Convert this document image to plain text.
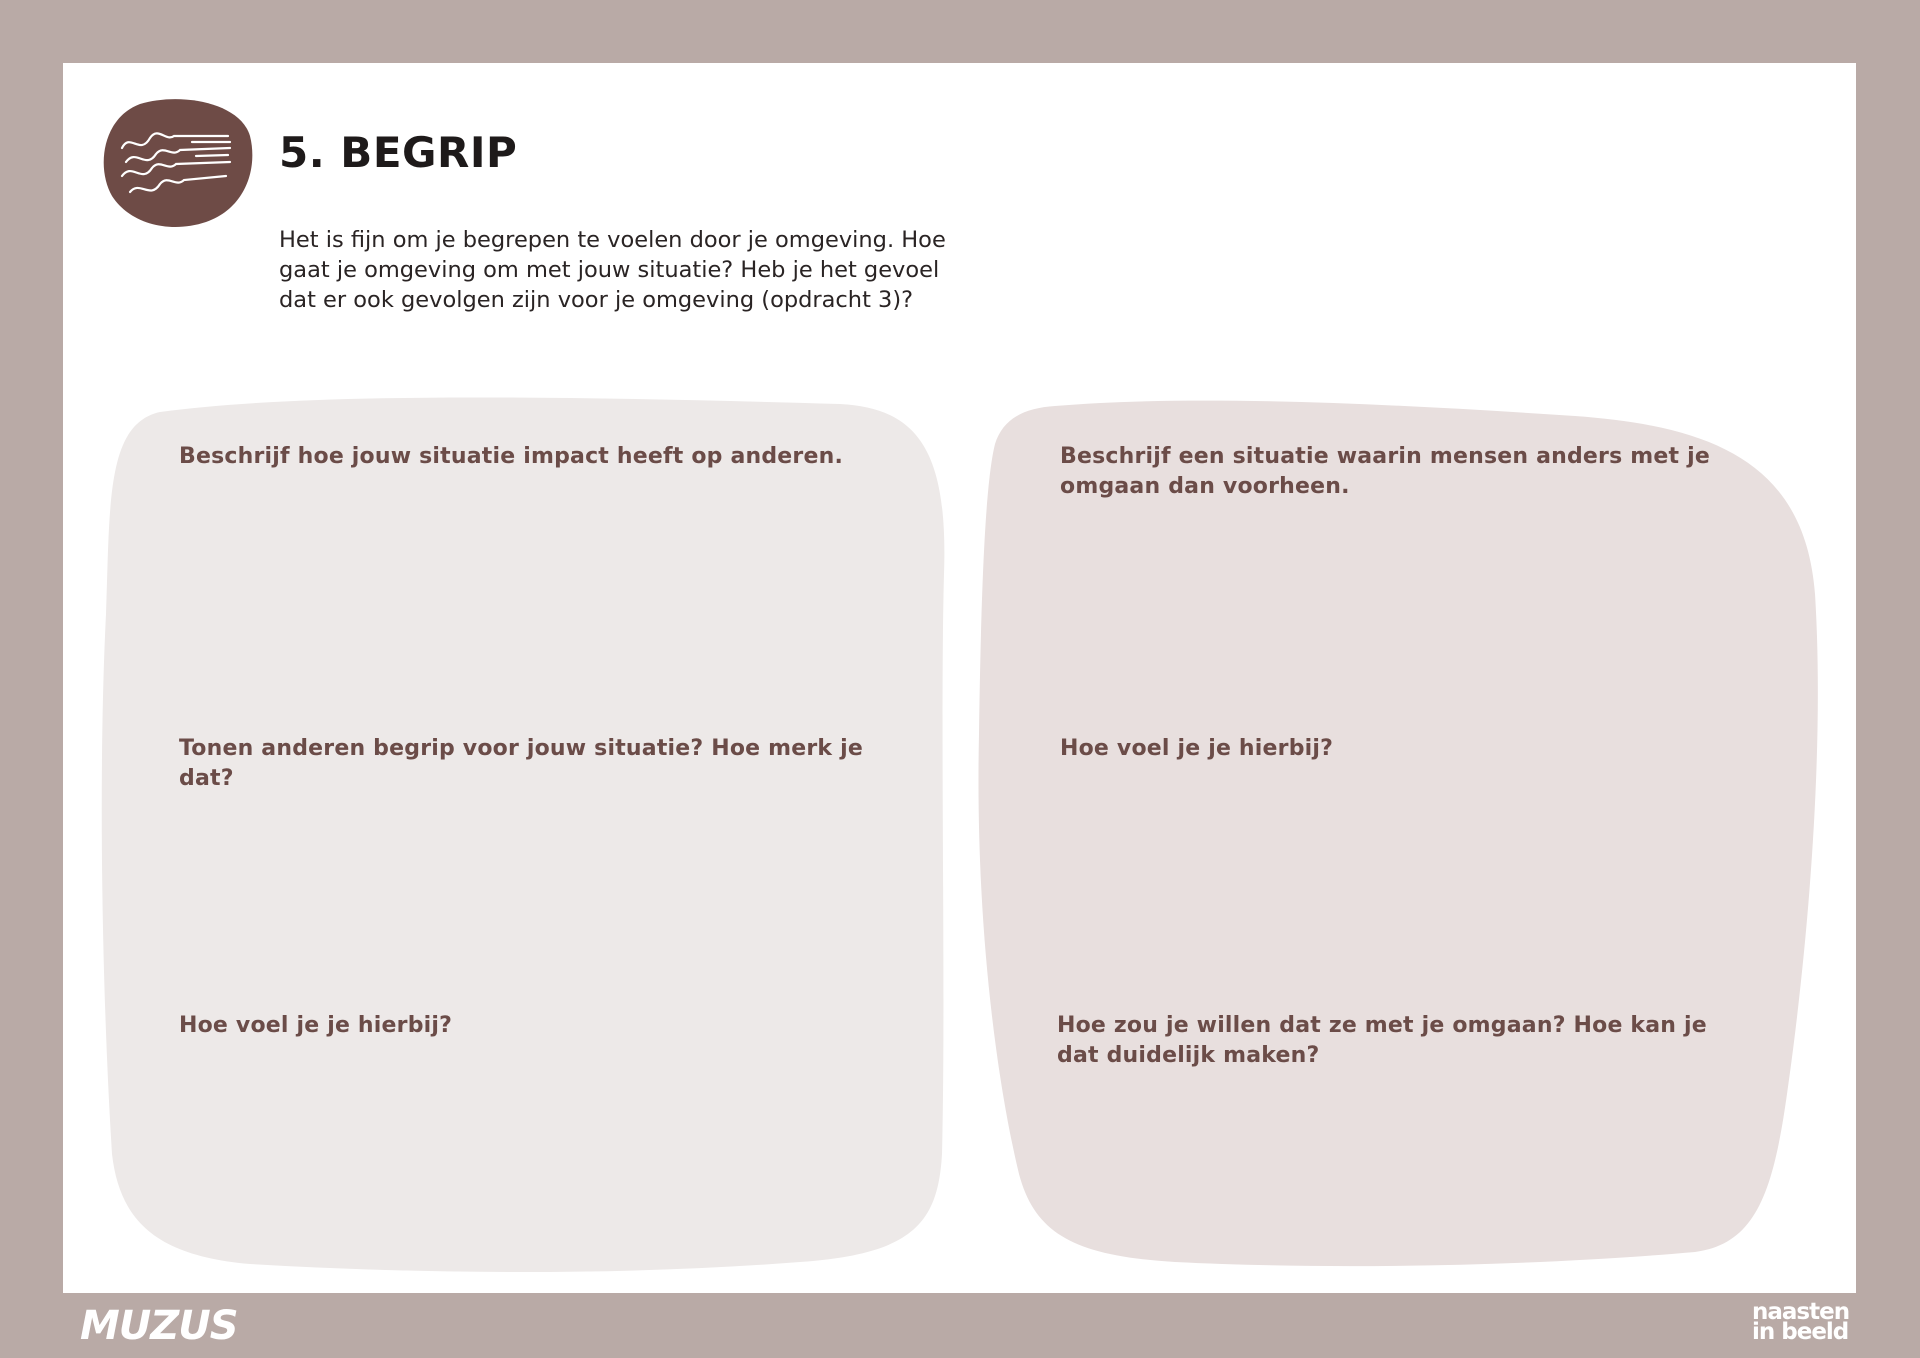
5. BEGRIP

Het is fijn om je begrepen te voelen door je omgeving. Hoe gaat je omgeving om met jouw situatie? Heb je het gevoel dat er ook gevolgen zijn voor je omgeving (opdracht 3)?

Beschrijf hoe jouw situatie impact heeft op anderen.

Tonen anderen begrip voor jouw situatie? Hoe merk je dat?

Hoe voel je je hierbij?

Beschrijf een situatie waarin mensen anders met je omgaan dan voorheen.

Hoe voel je je hierbij?

Hoe zou je willen dat ze met je omgaan? Hoe kan je dat duidelijk maken?

MUZUS	naasten
in beeld
